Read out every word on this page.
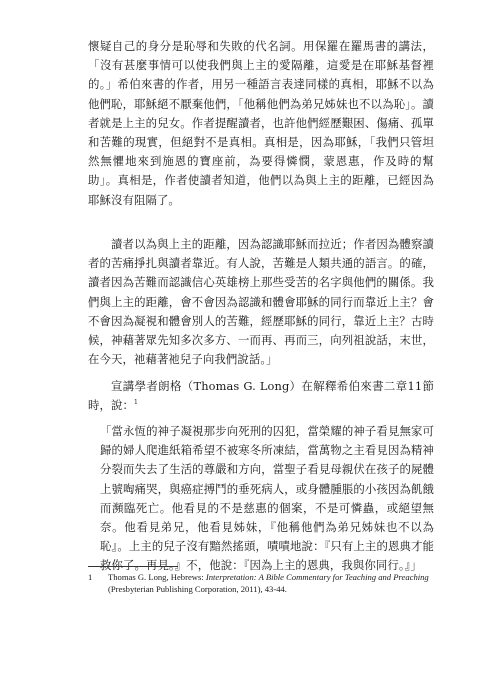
懷疑自己的身分是恥辱和失敗的代名詞。用保羅在羅馬書的講法，「沒有甚麼事情可以使我們與上主的愛隔離，這愛是在耶穌基督裡的。」希伯來書的作者，用另一種語言表達同樣的真相，耶穌不以為他們恥，耶穌絕不厭棄他們，「他稱他們為弟兄姊妹也不以為恥」。讀者就是上主的兒女。作者提醒讀者，也許他們經歷艱困、傷痛、孤單和苦難的現實，但絕對不是真相。真相是，因為耶穌，「我們只管坦然無懼地來到施恩的寶座前，為要得憐憫，蒙恩惠，作及時的幫助」。真相是，作者使讀者知道，他們以為與上主的距離，已經因為耶穌沒有阻隔了。

讀者以為與上主的距離，因為認識耶穌而拉近；作者因為體察讀者的苦痛掙扎與讀者靠近。有人說，苦難是人類共通的語言。的確，讀者因為苦難而認識信心英雄榜上那些受苦的名字與他們的關係。我們與上主的距離，會不會因為認識和體會耶穌的同行而靠近上主？會不會因為凝視和體會別人的苦難，經歷耶穌的同行，靠近上主？古時候，神藉著眾先知多次多方、一而再、再而三，向列祖說話，末世，在今天，祂藉著祂兒子向我們說話。」

宣講學者朗格（Thomas G. Long）在解釋希伯來書二章11節時，說：$^1$

「當永恆的神子凝視那步向死刑的囚犯，當榮耀的神子看見無家可歸的婦人爬進紙箱希望不被寒冬所凍結，當萬物之主看見因為精神分裂而失去了生活的尊嚴和方向，當聖子看見母親伏在孩子的屍體上號啕痛哭，與癌症搏鬥的垂死病人，或身體腫脹的小孩因為飢餓而瀕臨死亡。他看見的不是慈惠的個案，不是可憐蟲，或絕望無奈。他看見弟兄，他看見姊妹，『他稱他們為弟兄姊妹也不以為恥』。上主的兒子沒有黯然搖頭，嘖嘖地說：『只有上主的恩典才能救你了。再見。』不，他說：『因為上主的恩典，我與你同行。』」

1	Thomas G. Long, Hebrews: Interpretation: A Bible Commentary for Teaching and Preaching (Presbyterian Publishing Corporation, 2011), 43-44.
